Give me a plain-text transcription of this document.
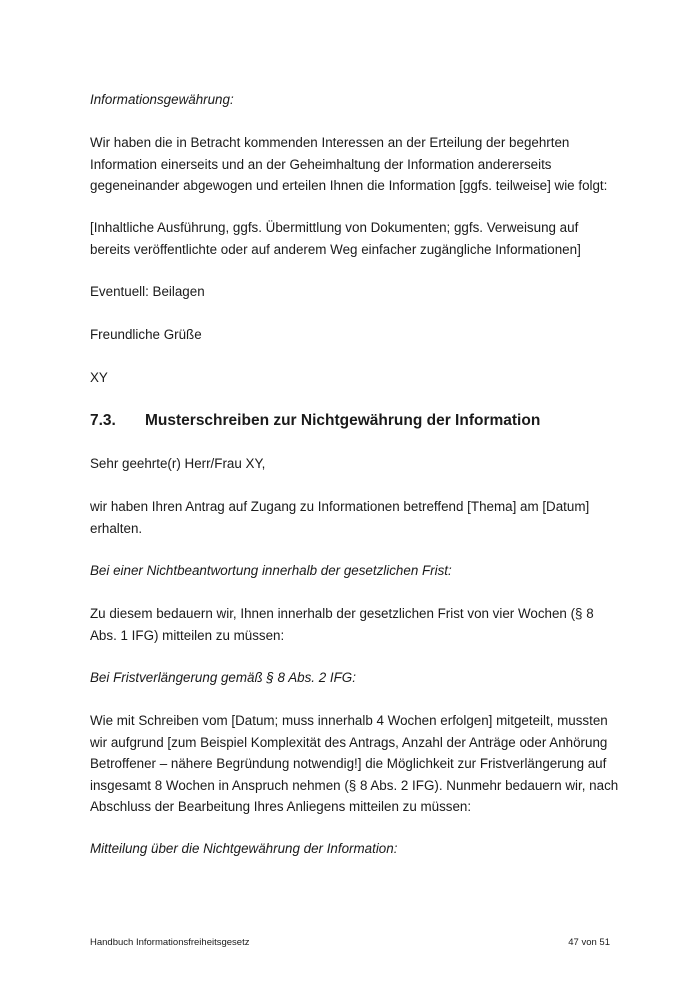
Informationsgewährung:

Wir haben die in Betracht kommenden Interessen an der Erteilung der begehrten Information einerseits und an der Geheimhaltung der Information andererseits gegeneinander abgewogen und erteilen Ihnen die Information [ggfs. teilweise] wie folgt:

[Inhaltliche Ausführung, ggfs. Übermittlung von Dokumenten; ggfs. Verweisung auf bereits veröffentlichte oder auf anderem Weg einfacher zugängliche Informationen]

Eventuell: Beilagen

Freundliche Grüße

XY

7.3. Musterschreiben zur Nichtgewährung der Information

Sehr geehrte(r) Herr/Frau XY,

wir haben Ihren Antrag auf Zugang zu Informationen betreffend [Thema] am [Datum] erhalten.

Bei einer Nichtbeantwortung innerhalb der gesetzlichen Frist:

Zu diesem bedauern wir, Ihnen innerhalb der gesetzlichen Frist von vier Wochen (§ 8 Abs. 1 IFG) mitteilen zu müssen:

Bei Fristverlängerung gemäß § 8 Abs. 2 IFG:

Wie mit Schreiben vom [Datum; muss innerhalb 4 Wochen erfolgen] mitgeteilt, mussten wir aufgrund [zum Beispiel Komplexität des Antrags, Anzahl der Anträge oder Anhörung Betroffener – nähere Begründung notwendig!] die Möglichkeit zur Fristverlängerung auf insgesamt 8 Wochen in Anspruch nehmen (§ 8 Abs. 2 IFG). Nunmehr bedauern wir, nach Abschluss der Bearbeitung Ihres Anliegens mitteilen zu müssen:

Mitteilung über die Nichtgewährung der Information:

Handbuch Informationsfreiheitsgesetz	47 von 51
